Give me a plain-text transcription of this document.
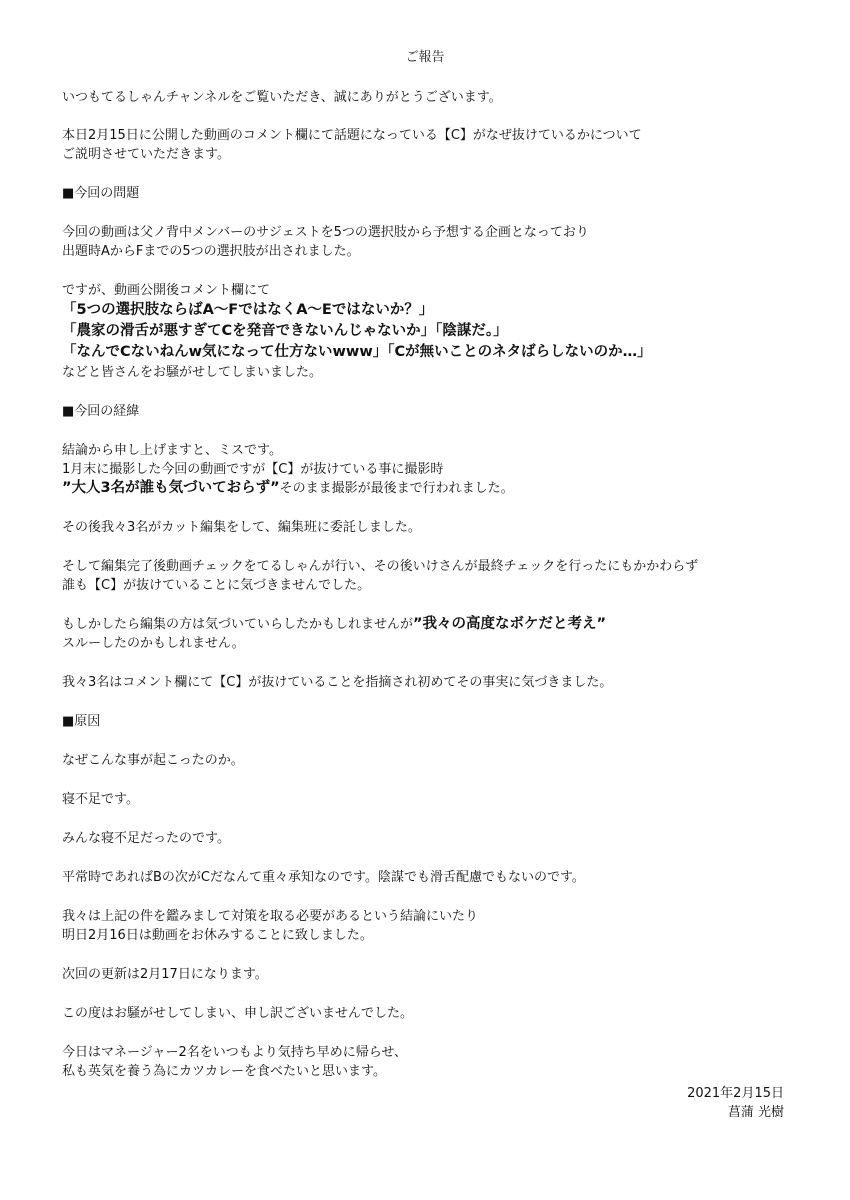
ご報告

いつもてるしゃんチャンネルをご覧いただき、誠にありがとうございます。

本日2月15日に公開した動画のコメント欄にて話題になっている【C】がなぜ抜けているかについて

ご説明させていただきます。

■今回の問題

今回の動画は父ノ背中メンバーのサジェストを5つの選択肢から予想する企画となっており

出題時AからFまでの5つの選択肢が出されました。

ですが、動画公開後コメント欄にて

「5つの選択肢ならばA～FではなくA～Eではないか？」

「農家の滑舌が悪すぎてCを発音できないんじゃないか」「陰謀だ。」

「なんでCないねんw気になって仕方ないwww」「Cが無いことのネタばらしないのか…」

などと皆さんをお騒がせしてしまいました。

■今回の経緯

結論から申し上げますと、ミスです。

1月末に撮影した今回の動画ですが【C】が抜けている事に撮影時

”大人3名が誰も気づいておらず”そのまま撮影が最後まで行われました。

その後我々3名がカット編集をして、編集班に委託しました。

そして編集完了後動画チェックをてるしゃんが行い、その後いけさんが最終チェックを行ったにもかかわらず

誰も【C】が抜けていることに気づきませんでした。

もしかしたら編集の方は気づいていらしたかもしれませんが”我々の高度なボケだと考え”

スルーしたのかもしれません。

我々3名はコメント欄にて【C】が抜けていることを指摘され初めてその事実に気づきました。

■原因

なぜこんな事が起こったのか。

寝不足です。

みんな寝不足だったのです。

平常時であればBの次がCだなんて重々承知なのです。陰謀でも滑舌配慮でもないのです。

我々は上記の件を鑑みまして対策を取る必要があるという結論にいたり

明日2月16日は動画をお休みすることに致しました。

次回の更新は2月17日になります。

この度はお騒がせしてしまい、申し訳ございませんでした。

今日はマネージャー2名をいつもより気持ち早めに帰らせ、

私も英気を養う為にカツカレーを食べたいと思います。

2021年2月15日
菖蒲 光樹
